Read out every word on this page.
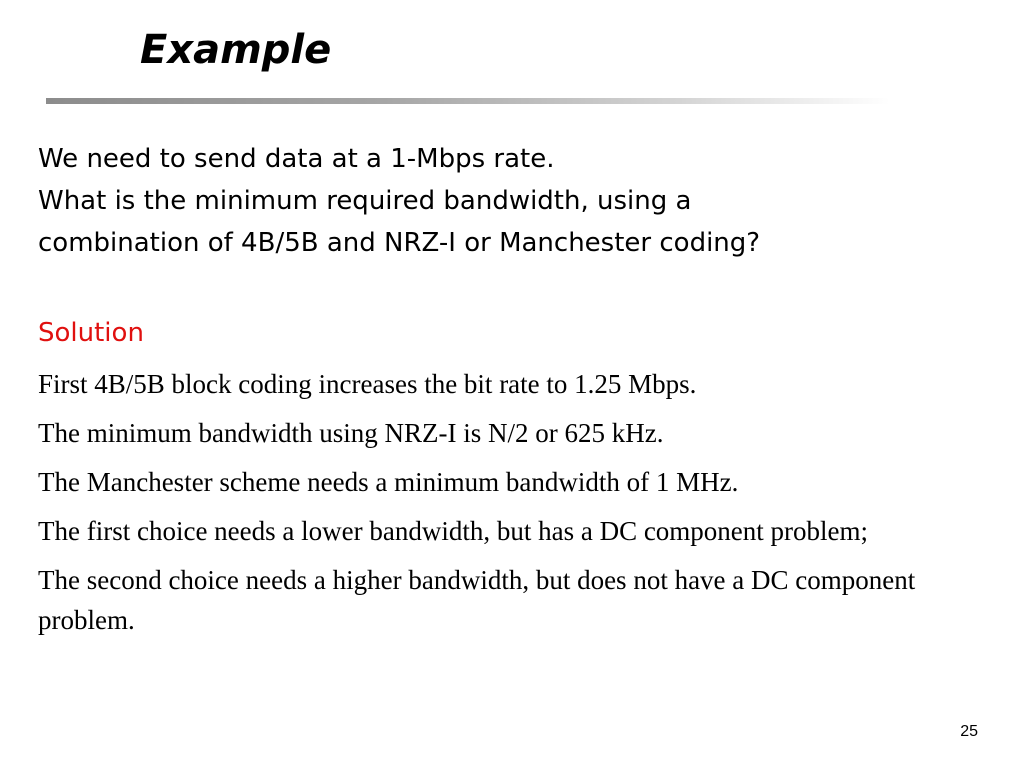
Example
We need to send data at a 1-Mbps rate.
What is the minimum required bandwidth, using a
combination of 4B/5B and NRZ-I or Manchester coding?
Solution

First 4B/5B block coding increases the bit rate to 1.25 Mbps.

The minimum bandwidth using NRZ-I is N/2 or 625 kHz.

The Manchester scheme needs a minimum bandwidth of 1 MHz.

The first choice needs a lower bandwidth, but has a DC component problem;

The second choice needs a higher bandwidth, but does not have a DC component problem.

25
